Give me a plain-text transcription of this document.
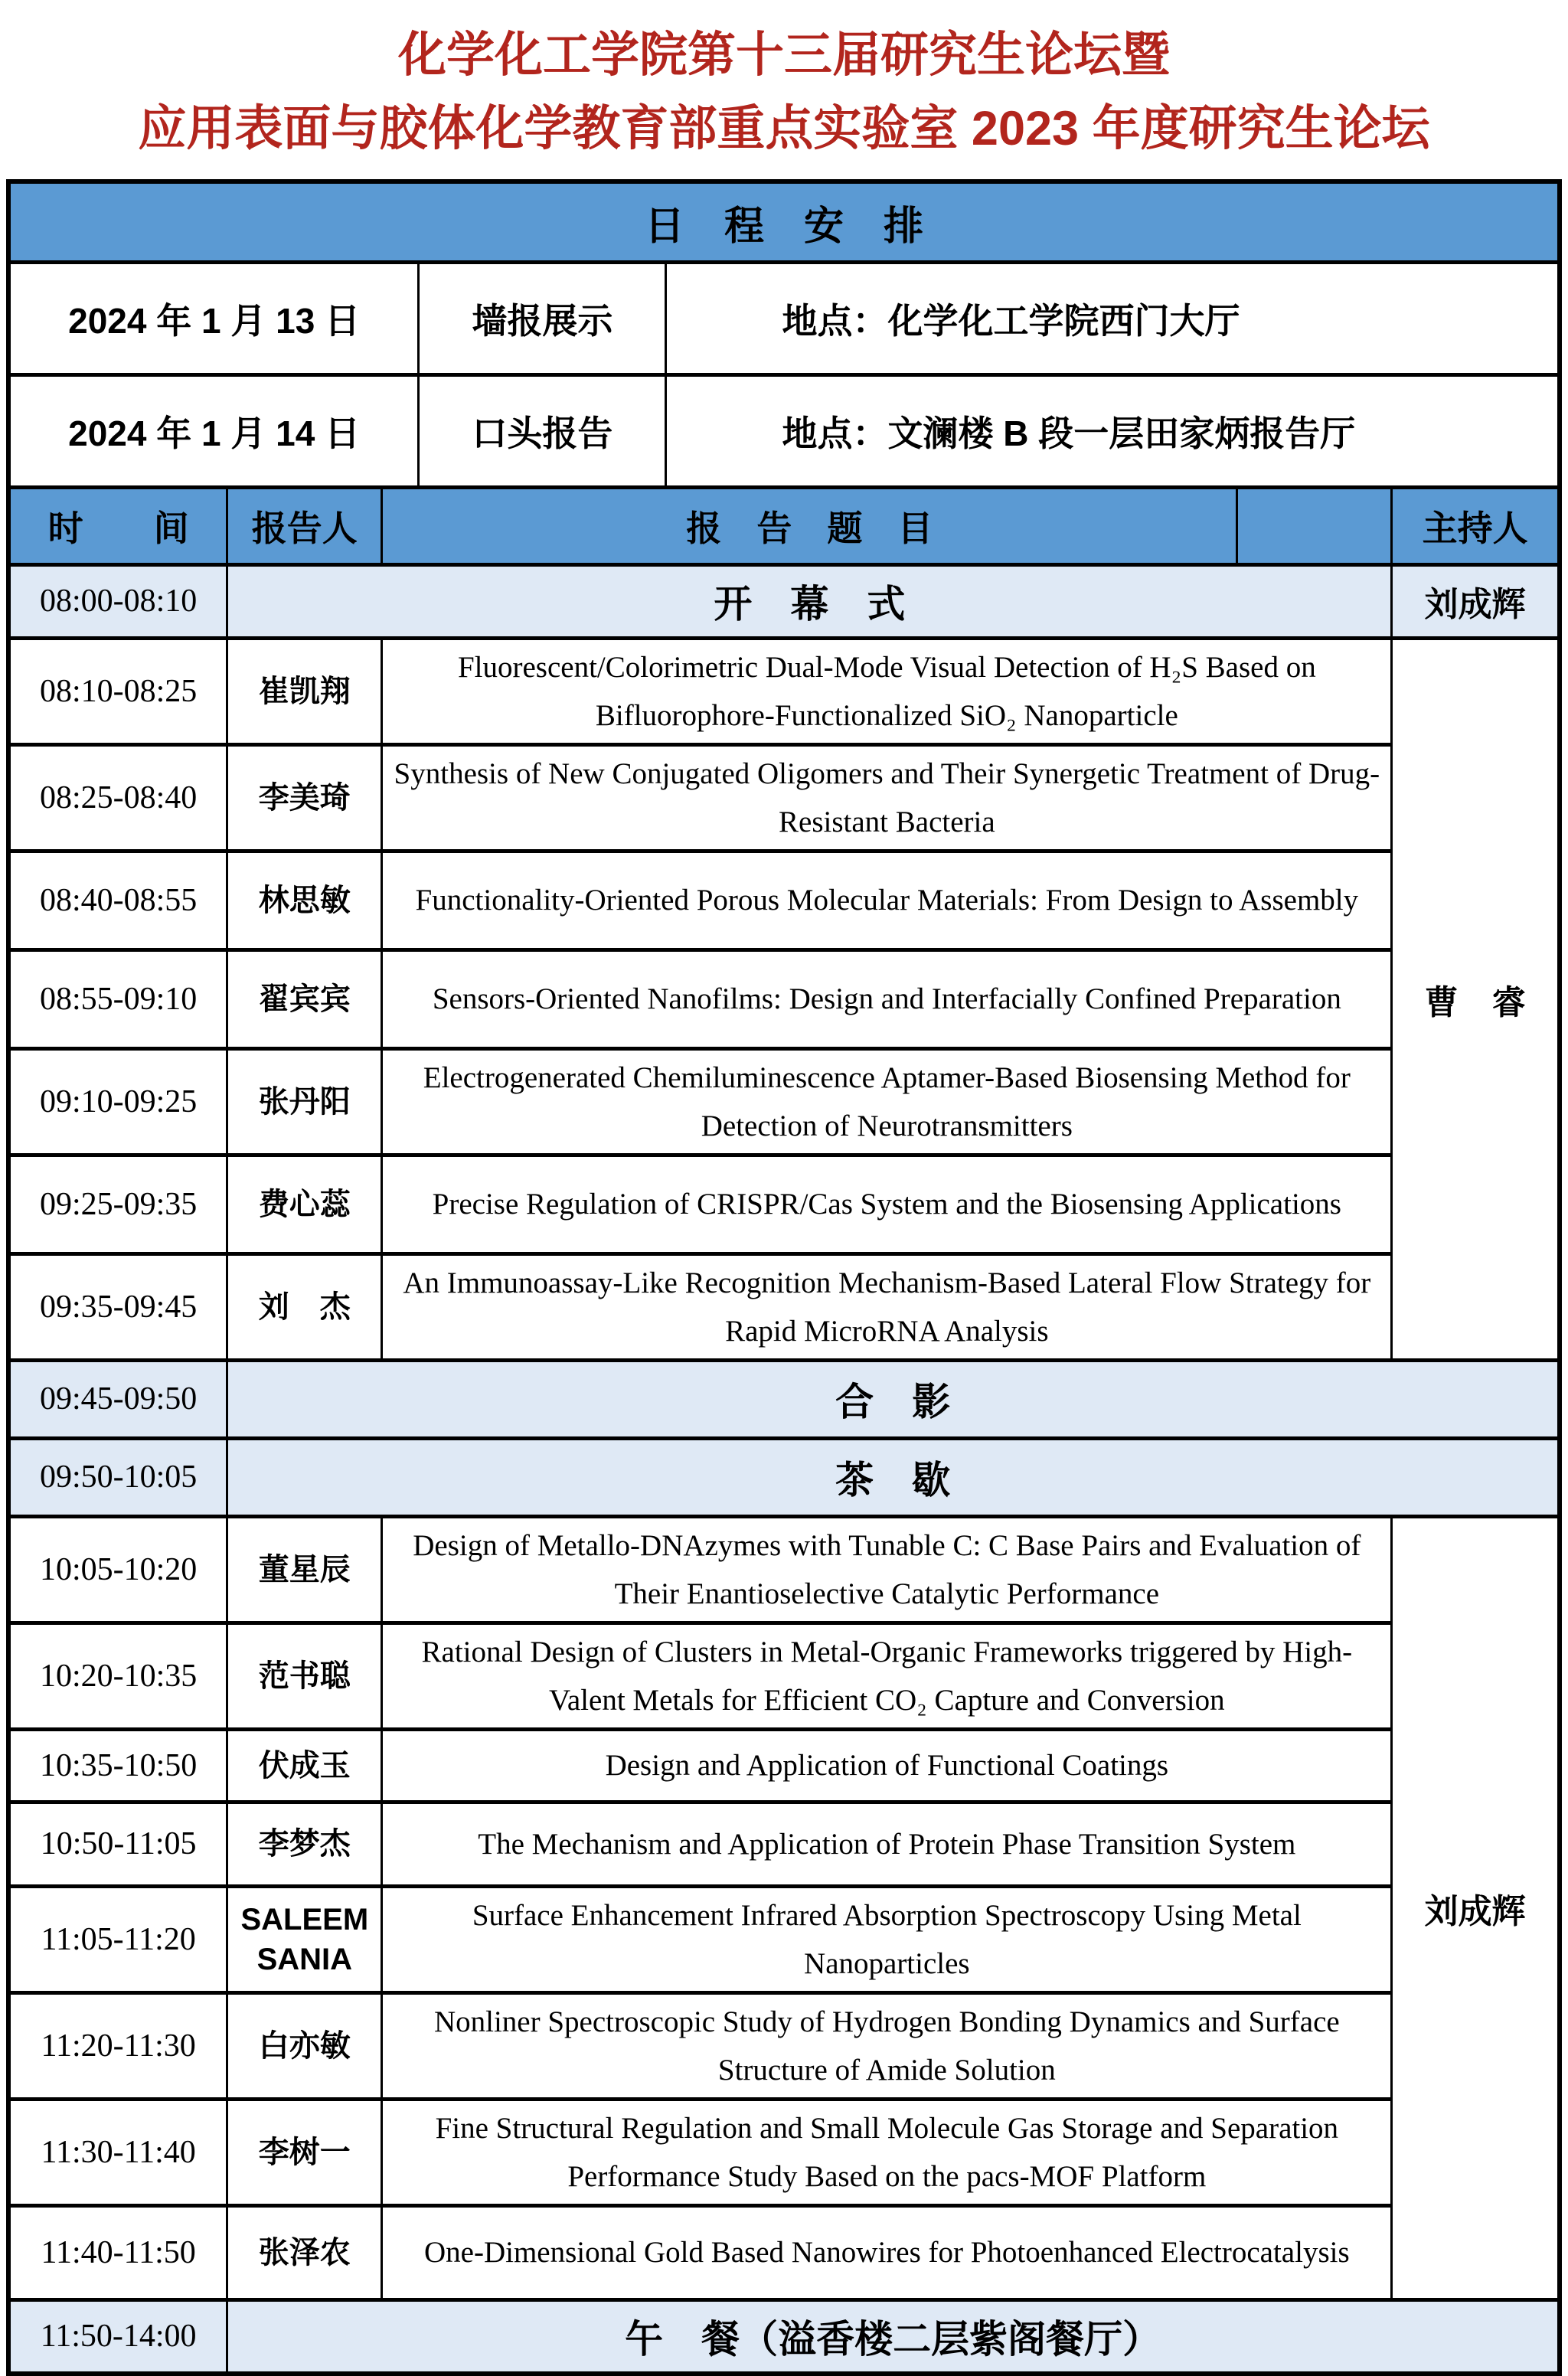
化学化工学院第十三届研究生论坛暨
应用表面与胶体化学教育部重点实验室 2023 年度研究生论坛
日　程　安　排
2024 年 1 月 13 日	墙报展示	地点：化学化工学院西门大厅
2024 年 1 月 14 日	口头报告	地点：文澜楼 B 段一层田家炳报告厅
时　　间	报告人	报　告　题　目		主持人
08:00-08:10	开　幕　式			刘成辉
08:10-08:25	崔凯翔	Fluorescent/Colorimetric Dual-Mode Visual Detection of H₂S Based on Bifluorophore-Functionalized SiO₂ Nanoparticle		曹　睿
08:25-08:40	李美琦	Synthesis of New Conjugated Oligomers and Their Synergetic Treatment of Drug-Resistant Bacteria		
08:40-08:55	林思敏	Functionality-Oriented Porous Molecular Materials: From Design to Assembly		
08:55-09:10	翟宾宾	Sensors-Oriented Nanofilms: Design and Interfacially Confined Preparation		
09:10-09:25	张丹阳	Electrogenerated Chemiluminescence Aptamer-Based Biosensing Method for Detection of Neurotransmitters		
09:25-09:35	费心蕊	Precise Regulation of CRISPR/Cas System and the Biosensing Applications		
09:35-09:45	刘　杰	An Immunoassay-Like Recognition Mechanism-Based Lateral Flow Strategy for Rapid MicroRNA Analysis		
09:45-09:50	合　影			
09:50-10:05	茶　歇			
10:05-10:20	董星辰	Design of Metallo-DNAzymes with Tunable C: C Base Pairs and Evaluation of Their Enantioselective Catalytic Performance		刘成辉
10:20-10:35	范书聪	Rational Design of Clusters in Metal-Organic Frameworks triggered by High-Valent Metals for Efficient CO₂ Capture and Conversion		
10:35-10:50	伏成玉	Design and Application of Functional Coatings		
10:50-11:05	李梦杰	The Mechanism and Application of Protein Phase Transition System		
11:05-11:20	SALEEM SANIA	Surface Enhancement Infrared Absorption Spectroscopy Using Metal Nanoparticles		
11:20-11:30	白亦敏	Nonliner Spectroscopic Study of Hydrogen Bonding Dynamics and Surface Structure of Amide Solution		
11:30-11:40	李树一	Fine Structural Regulation and Small Molecule Gas Storage and Separation Performance Study Based on the pacs-MOF Platform		
11:40-11:50	张泽农	One-Dimensional Gold Based Nanowires for Photoenhanced Electrocatalysis		
11:50-14:00	午　餐（溢香楼二层紫阁餐厅）			
